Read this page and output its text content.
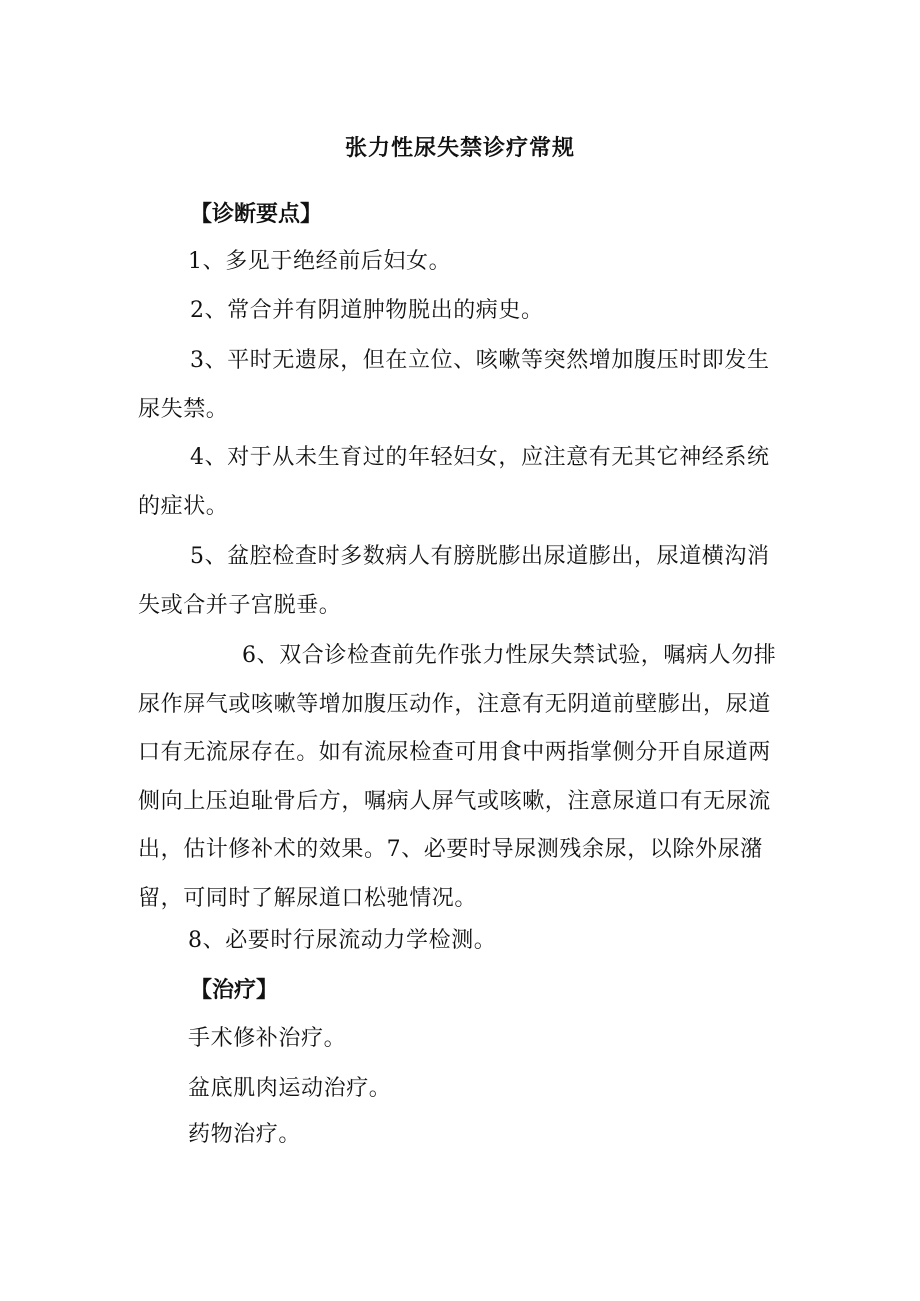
张力性尿失禁诊疗常规
【诊断要点】
1、多见于绝经前后妇女。
2、常合并有阴道肿物脱出的病史。

3、平时无遗尿，但在立位、咳嗽等突然增加腹压时即发生尿失禁。

4、对于从未生育过的年轻妇女，应注意有无其它神经系统的症状。

5、盆腔检查时多数病人有膀胱膨出尿道膨出，尿道横沟消失或合并子宫脱垂。

6、双合诊检查前先作张力性尿失禁试验，嘱病人勿排尿作屏气或咳嗽等增加腹压动作，注意有无阴道前壁膨出，尿道口有无流尿存在。如有流尿检查可用食中两指掌侧分开自尿道两侧向上压迫耻骨后方，嘱病人屏气或咳嗽，注意尿道口有无尿流出，估计修补术的效果。7、必要时导尿测残余尿，以除外尿潴留，可同时了解尿道口松驰情况。

8、必要时行尿流动力学检测。
【治疗】
手术修补治疗。
盆底肌肉运动治疗。
药物治疗。
